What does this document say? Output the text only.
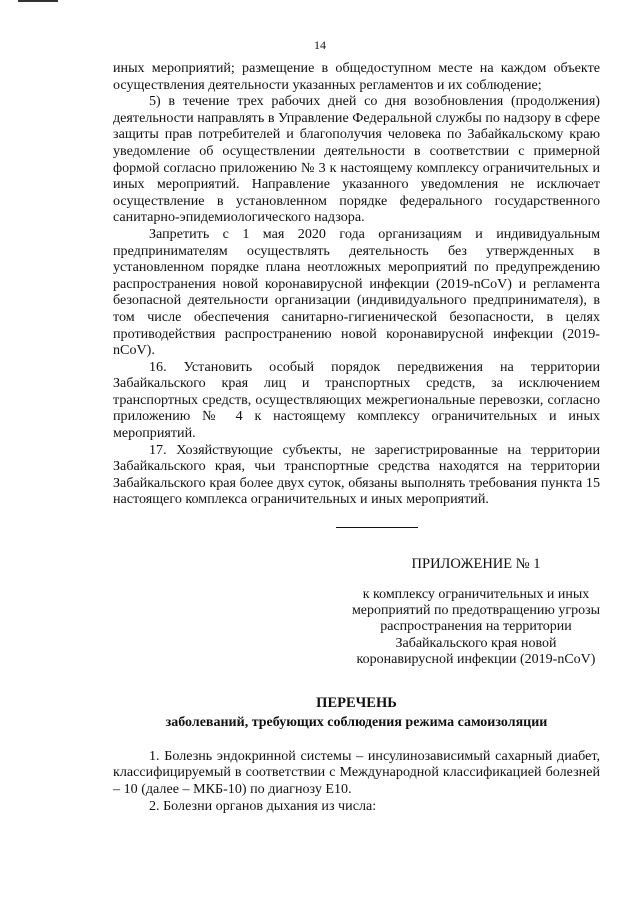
14

иных мероприятий; размещение в общедоступном месте на каждом объекте осуществления деятельности указанных регламентов и их соблюдение;

5) в течение трех рабочих дней со дня возобновления (продолжения) деятельности направлять в Управление Федеральной службы по надзору в сфере защиты прав потребителей и благополучия человека по Забайкальскому краю уведомление об осуществлении деятельности в соответствии с примерной формой согласно приложению № 3 к настоящему комплексу ограничительных и иных мероприятий. Направление указанного уведомления не исключает осуществление в установленном порядке федерального государственного санитарно-эпидемиологического надзора.

Запретить с 1 мая 2020 года организациям и индивидуальным предпринимателям осуществлять деятельность без утвержденных в установленном порядке плана неотложных мероприятий по предупреждению распространения новой коронавирусной инфекции (2019-nCoV) и регламента безопасной деятельности организации (индивидуального предпринимателя), в том числе обеспечения санитарно-гигиенической безопасности, в целях противодействия распространению новой коронавирусной инфекции (2019-nCoV).

16. Установить особый порядок передвижения на территории Забайкальского края лиц и транспортных средств, за исключением транспортных средств, осуществляющих межрегиональные перевозки, согласно приложению № 4 к настоящему комплексу ограничительных и иных мероприятий.

17. Хозяйствующие субъекты, не зарегистрированные на территории Забайкальского края, чьи транспортные средства находятся на территории Забайкальского края более двух суток, обязаны выполнять требования пункта 15 настоящего комплекса ограничительных и иных мероприятий.

ПРИЛОЖЕНИЕ № 1
к комплексу ограничительных и иных мероприятий по предотвращению угрозы распространения на территории Забайкальского края новой коронавирусной инфекции (2019-nCoV)
ПЕРЕЧЕНЬ
заболеваний, требующих соблюдения режима самоизоляции

1. Болезнь эндокринной системы – инсулинозависимый сахарный диабет, классифицируемый в соответствии с Международной классификацией болезней – 10 (далее – МКБ-10) по диагнозу E10.

2. Болезни органов дыхания из числа:
